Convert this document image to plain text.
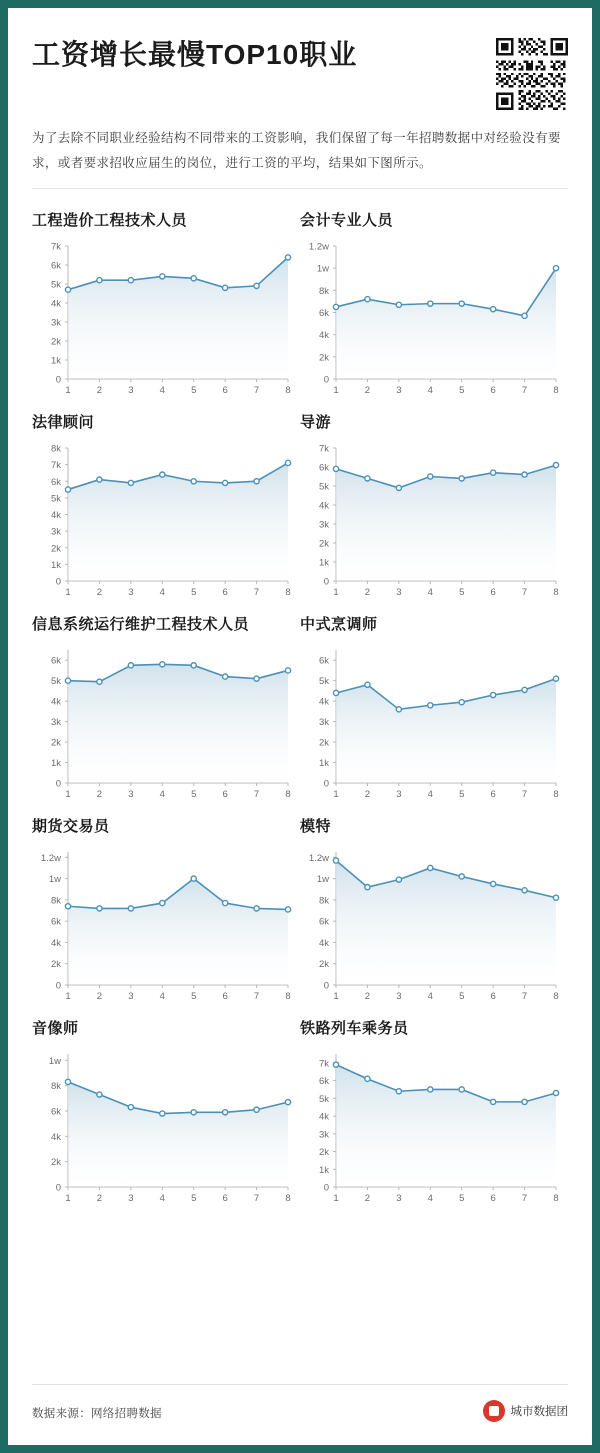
工资增长最慢TOP10职业

为了去除不同职业经验结构不同带来的工资影响，我们保留了每一年招聘数据中对经验没有要求，或者要求招收应届生的岗位，进行工资的平均，结果如下图所示。

工程造价工程技术人员
0
1k
2k
3k
4k
5k
6k
7k
1	2	3	4	5	6	7	8
会计专业人员
0
2k
4k
6k
8k
1w
1.2w
1	2	3	4	5	6	7	8
法律顾问
0
1k
2k
3k
4k
5k
6k
7k
8k
1	2	3	4	5	6	7	8
导游
0
1k
2k
3k
4k
5k
6k
7k
1	2	3	4	5	6	7	8
信息系统运行维护工程技术人员
0
1k
2k
3k
4k
5k
6k
1	2	3	4	5	6	7	8
中式烹调师
0
1k
2k
3k
4k
5k
6k
1	2	3	4	5	6	7	8
期货交易员
0
2k
4k
6k
8k
1w
1.2w
1	2	3	4	5	6	7	8
模特
0
2k
4k
6k
8k
1w
1.2w
1	2	3	4	5	6	7	8
音像师
0
2k
4k
6k
8k
1w
1	2	3	4	5	6	7	8
铁路列车乘务员
0
1k
2k
3k
4k
5k
6k
7k
1	2	3	4	5	6	7	8
数据来源：网络招聘数据	城市数据团
